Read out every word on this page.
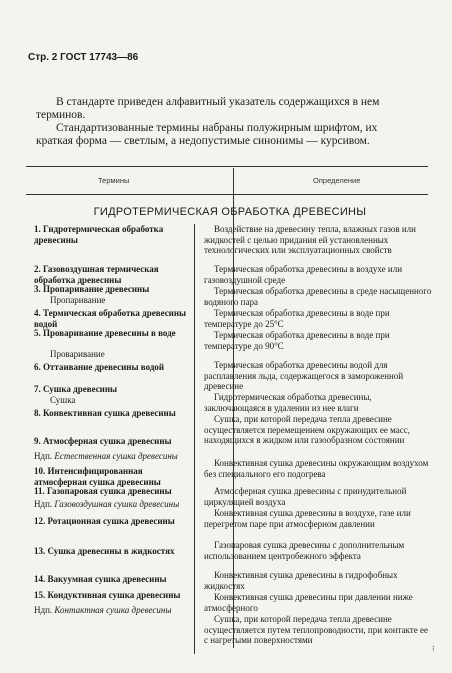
Стр. 2 ГОСТ 17743—86

В стандарте приведен алфавитный указатель содержащихся в нем терминов.

Стандартизованные термины набраны полужирным шрифтом, их краткая форма — светлым, а недопустимые синонимы — курсивом.

Термины	Определение
ГИДРОТЕРМИЧЕСКАЯ ОБРАБОТКА ДРЕВЕСИНЫ
1. Гидротермическая обработка древесины
2. Газовоздушная термическая обработка древесины
3. Пропаривание древесины
Пропаривание
4. Термическая обработка древесины водой
5. Проваривание древесины в воде
Проваривание
6. Оттаивание древесины водой
7. Сушка древесины
Сушка
8. Конвективная сушка древесины
9. Атмосферная сушка древесины
Ндп. Естественная сушка древесины
10. Интенсифицированная атмосферная сушка древесины
11. Газопаровая сушка древесины
Ндп. Газовоздушная сушка древесины
12. Ротационная сушка древесины
13. Сушка древесины в жидкостях
14. Вакуумная сушка древесины
15. Кондуктивная сушка древесины
Ндп. Контактная сушка древесины
Воздействие на древесину тепла, влажных газов или жидкостей с целью придания ей установленных технологических или эксплуатационных свойств
Термическая обработка древесины в воздухе или газовоздушной среде
Термическая обработка древесины в среде насыщенного водяного пара
Термическая обработка древесины в воде при температуре до 25°С
Термическая обработка древесины в воде при температуре до 90°С
Термическая обработка древесины водой для расплавления льда, содержащегося в замороженной древесине
Гидротермическая обработка древесины, заключающаяся в удалении из нее влаги
Сушка, при которой передача тепла древесине осуществляется перемещением окружающих ее масс, находящихся в жидком или газообразном состоянии
Конвективная сушка древесины окружающим воздухом без специального его подогрева
Атмосферная сушка древесины с принудительной циркуляцией воздуха
Конвективная сушка древесины в воздухе, газе или перегретом паре при атмосферном давлении
Газопаровая сушка древесины с дополнительным использованием центробежного эффекта
Конвективная сушка древесины в гидрофобных жидкостях
Конвективная сушка древесины при давлении ниже атмосферного
Сушка, при которой передача тепла древесине осуществляется путем теплопроводности, при контакте ее с нагретыми поверхностями
⁝
